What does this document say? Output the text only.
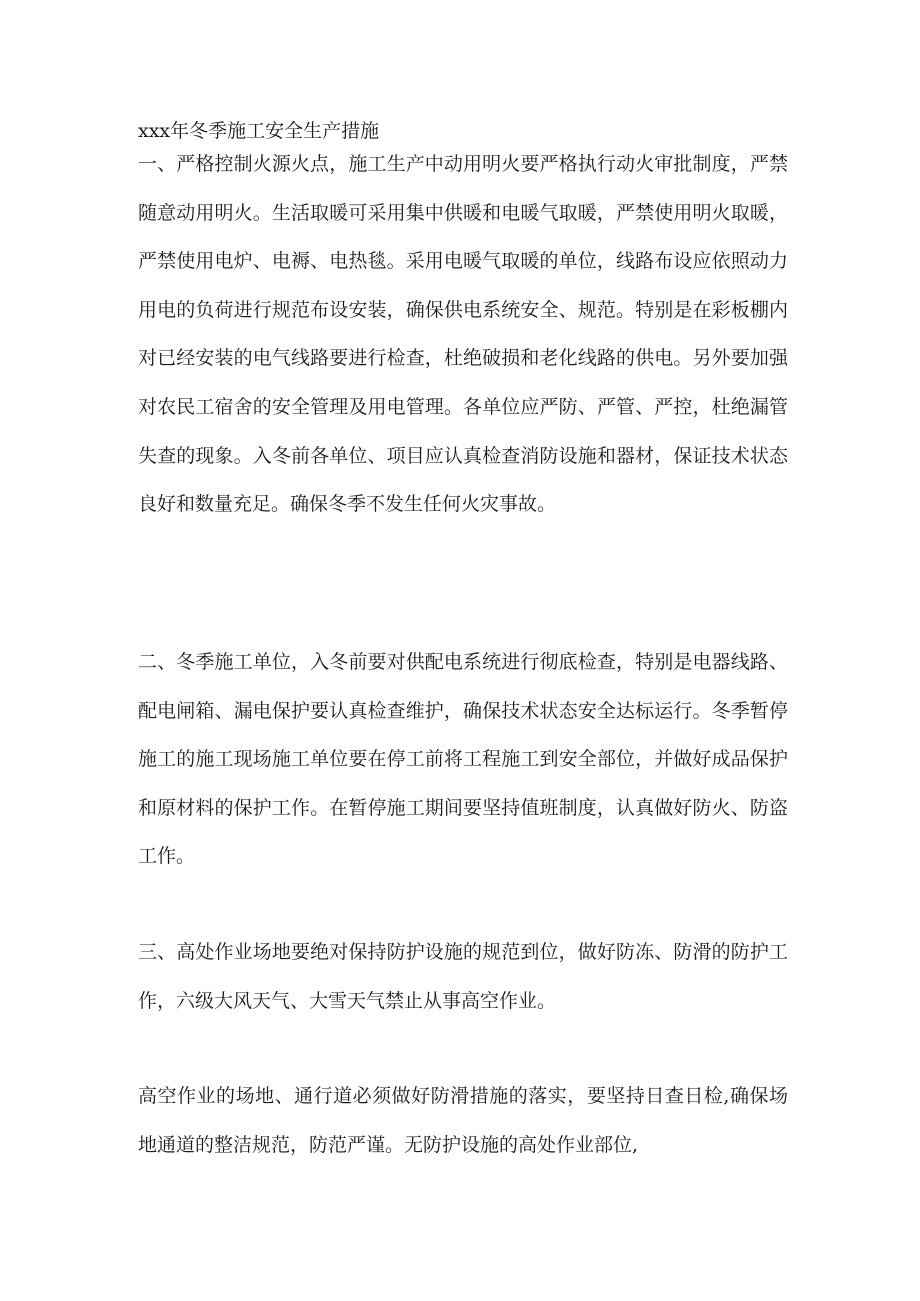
xxx年冬季施工安全生产措施
一、严格控制火源火点，施工生产中动用明火要严格执行动火审批制度，严禁随意动用明火。生活取暖可采用集中供暖和电暖气取暖，严禁使用明火取暖，严禁使用电炉、电褥、电热毯。采用电暖气取暖的单位，线路布设应依照动力用电的负荷进行规范布设安装，确保供电系统安全、规范。特别是在彩板棚内对已经安装的电气线路要进行检查，杜绝破损和老化线路的供电。另外要加强对农民工宿舍的安全管理及用电管理。各单位应严防、严管、严控，杜绝漏管失查的现象。入冬前各单位、项目应认真检查消防设施和器材，保证技术状态良好和数量充足。确保冬季不发生任何火灾事故。
二、冬季施工单位，入冬前要对供配电系统进行彻底检查，特别是电器线路、配电闸箱、漏电保护要认真检查维护，确保技术状态安全达标运行。冬季暂停施工的施工现场施工单位要在停工前将工程施工到安全部位，并做好成品保护和原材料的保护工作。在暂停施工期间要坚持值班制度，认真做好防火、防盗工作。
三、高处作业场地要绝对保持防护设施的规范到位，做好防冻、防滑的防护工作，六级大风天气、大雪天气禁止从事高空作业。
高空作业的场地、通行道必须做好防滑措施的落实，要坚持日查日检,确保场地通道的整洁规范，防范严谨。无防护设施的高处作业部位,
